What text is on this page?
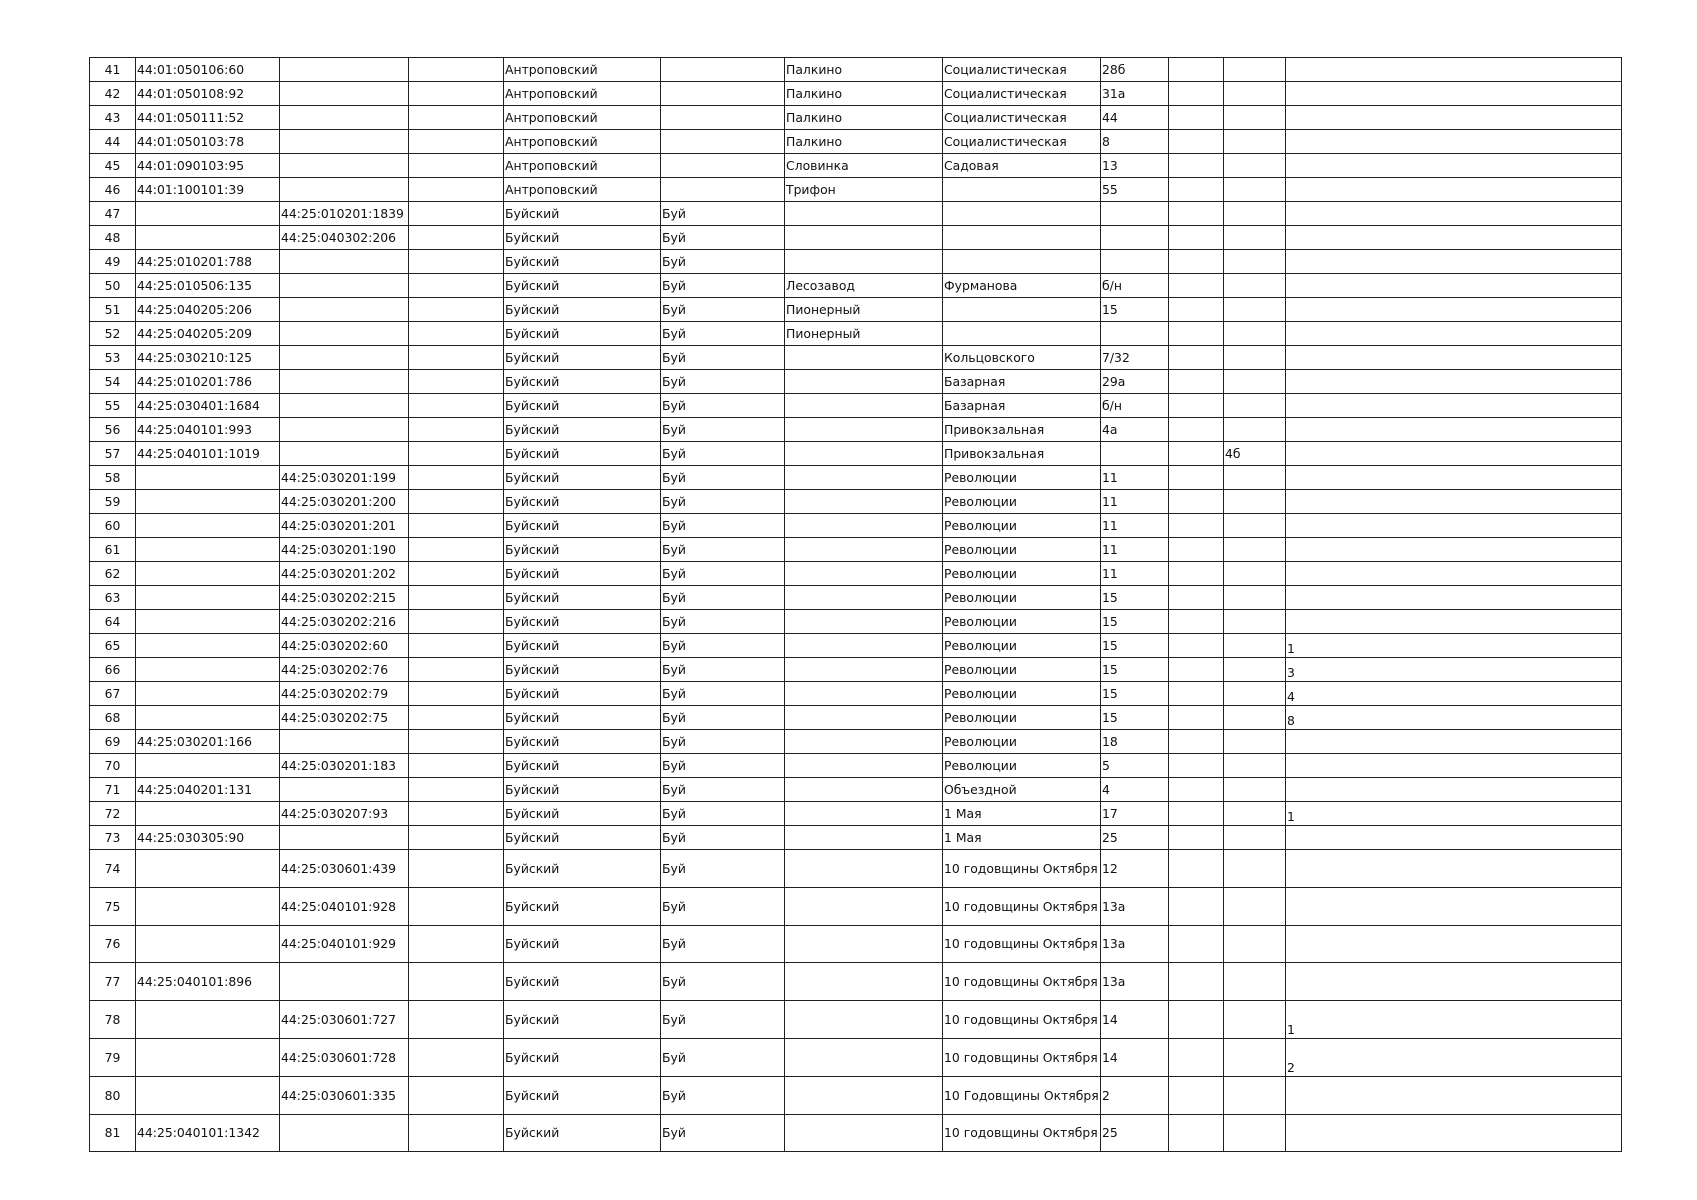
41	44:01:050106:60			Антроповский		Палкино	Социалистическая	28б			
42	44:01:050108:92			Антроповский		Палкино	Социалистическая	31а			
43	44:01:050111:52			Антроповский		Палкино	Социалистическая	44			
44	44:01:050103:78			Антроповский		Палкино	Социалистическая	8			
45	44:01:090103:95			Антроповский		Словинка	Садовая	13			
46	44:01:100101:39			Антроповский		Трифон		55			
47		44:25:010201:1839		Буйский	Буй						
48		44:25:040302:206		Буйский	Буй						
49	44:25:010201:788			Буйский	Буй						
50	44:25:010506:135			Буйский	Буй	Лесозавод	Фурманова	б/н			
51	44:25:040205:206			Буйский	Буй	Пионерный		15			
52	44:25:040205:209			Буйский	Буй	Пионерный					
53	44:25:030210:125			Буйский	Буй		Кольцовского	7/32			
54	44:25:010201:786			Буйский	Буй		Базарная	29а			
55	44:25:030401:1684			Буйский	Буй		Базарная	б/н			
56	44:25:040101:993			Буйский	Буй		Привокзальная	4а			
57	44:25:040101:1019			Буйский	Буй		Привокзальная			4б	
58		44:25:030201:199		Буйский	Буй		Революции	11			
59		44:25:030201:200		Буйский	Буй		Революции	11			
60		44:25:030201:201		Буйский	Буй		Революции	11			
61		44:25:030201:190		Буйский	Буй		Революции	11			
62		44:25:030201:202		Буйский	Буй		Революции	11			
63		44:25:030202:215		Буйский	Буй		Революции	15			
64		44:25:030202:216		Буйский	Буй		Революции	15			
65		44:25:030202:60		Буйский	Буй		Революции	15			1
66		44:25:030202:76		Буйский	Буй		Революции	15			3
67		44:25:030202:79		Буйский	Буй		Революции	15			4
68		44:25:030202:75		Буйский	Буй		Революции	15			8
69	44:25:030201:166			Буйский	Буй		Революции	18			
70		44:25:030201:183		Буйский	Буй		Революции	5			
71	44:25:040201:131			Буйский	Буй		Объездной	4			
72		44:25:030207:93		Буйский	Буй		1 Мая	17			1
73	44:25:030305:90			Буйский	Буй		1 Мая	25			
74		44:25:030601:439		Буйский	Буй		10 годовщины Октября	12			
75		44:25:040101:928		Буйский	Буй		10 годовщины Октября	13а			
76		44:25:040101:929		Буйский	Буй		10 годовщины Октября	13а			
77	44:25:040101:896			Буйский	Буй		10 годовщины Октября	13а			
78		44:25:030601:727		Буйский	Буй		10 годовщины Октября	14			1
79		44:25:030601:728		Буйский	Буй		10 годовщины Октября	14			2
80		44:25:030601:335		Буйский	Буй		10 Годовщины Октября	2			
81	44:25:040101:1342			Буйский	Буй		10 годовщины Октября	25			
